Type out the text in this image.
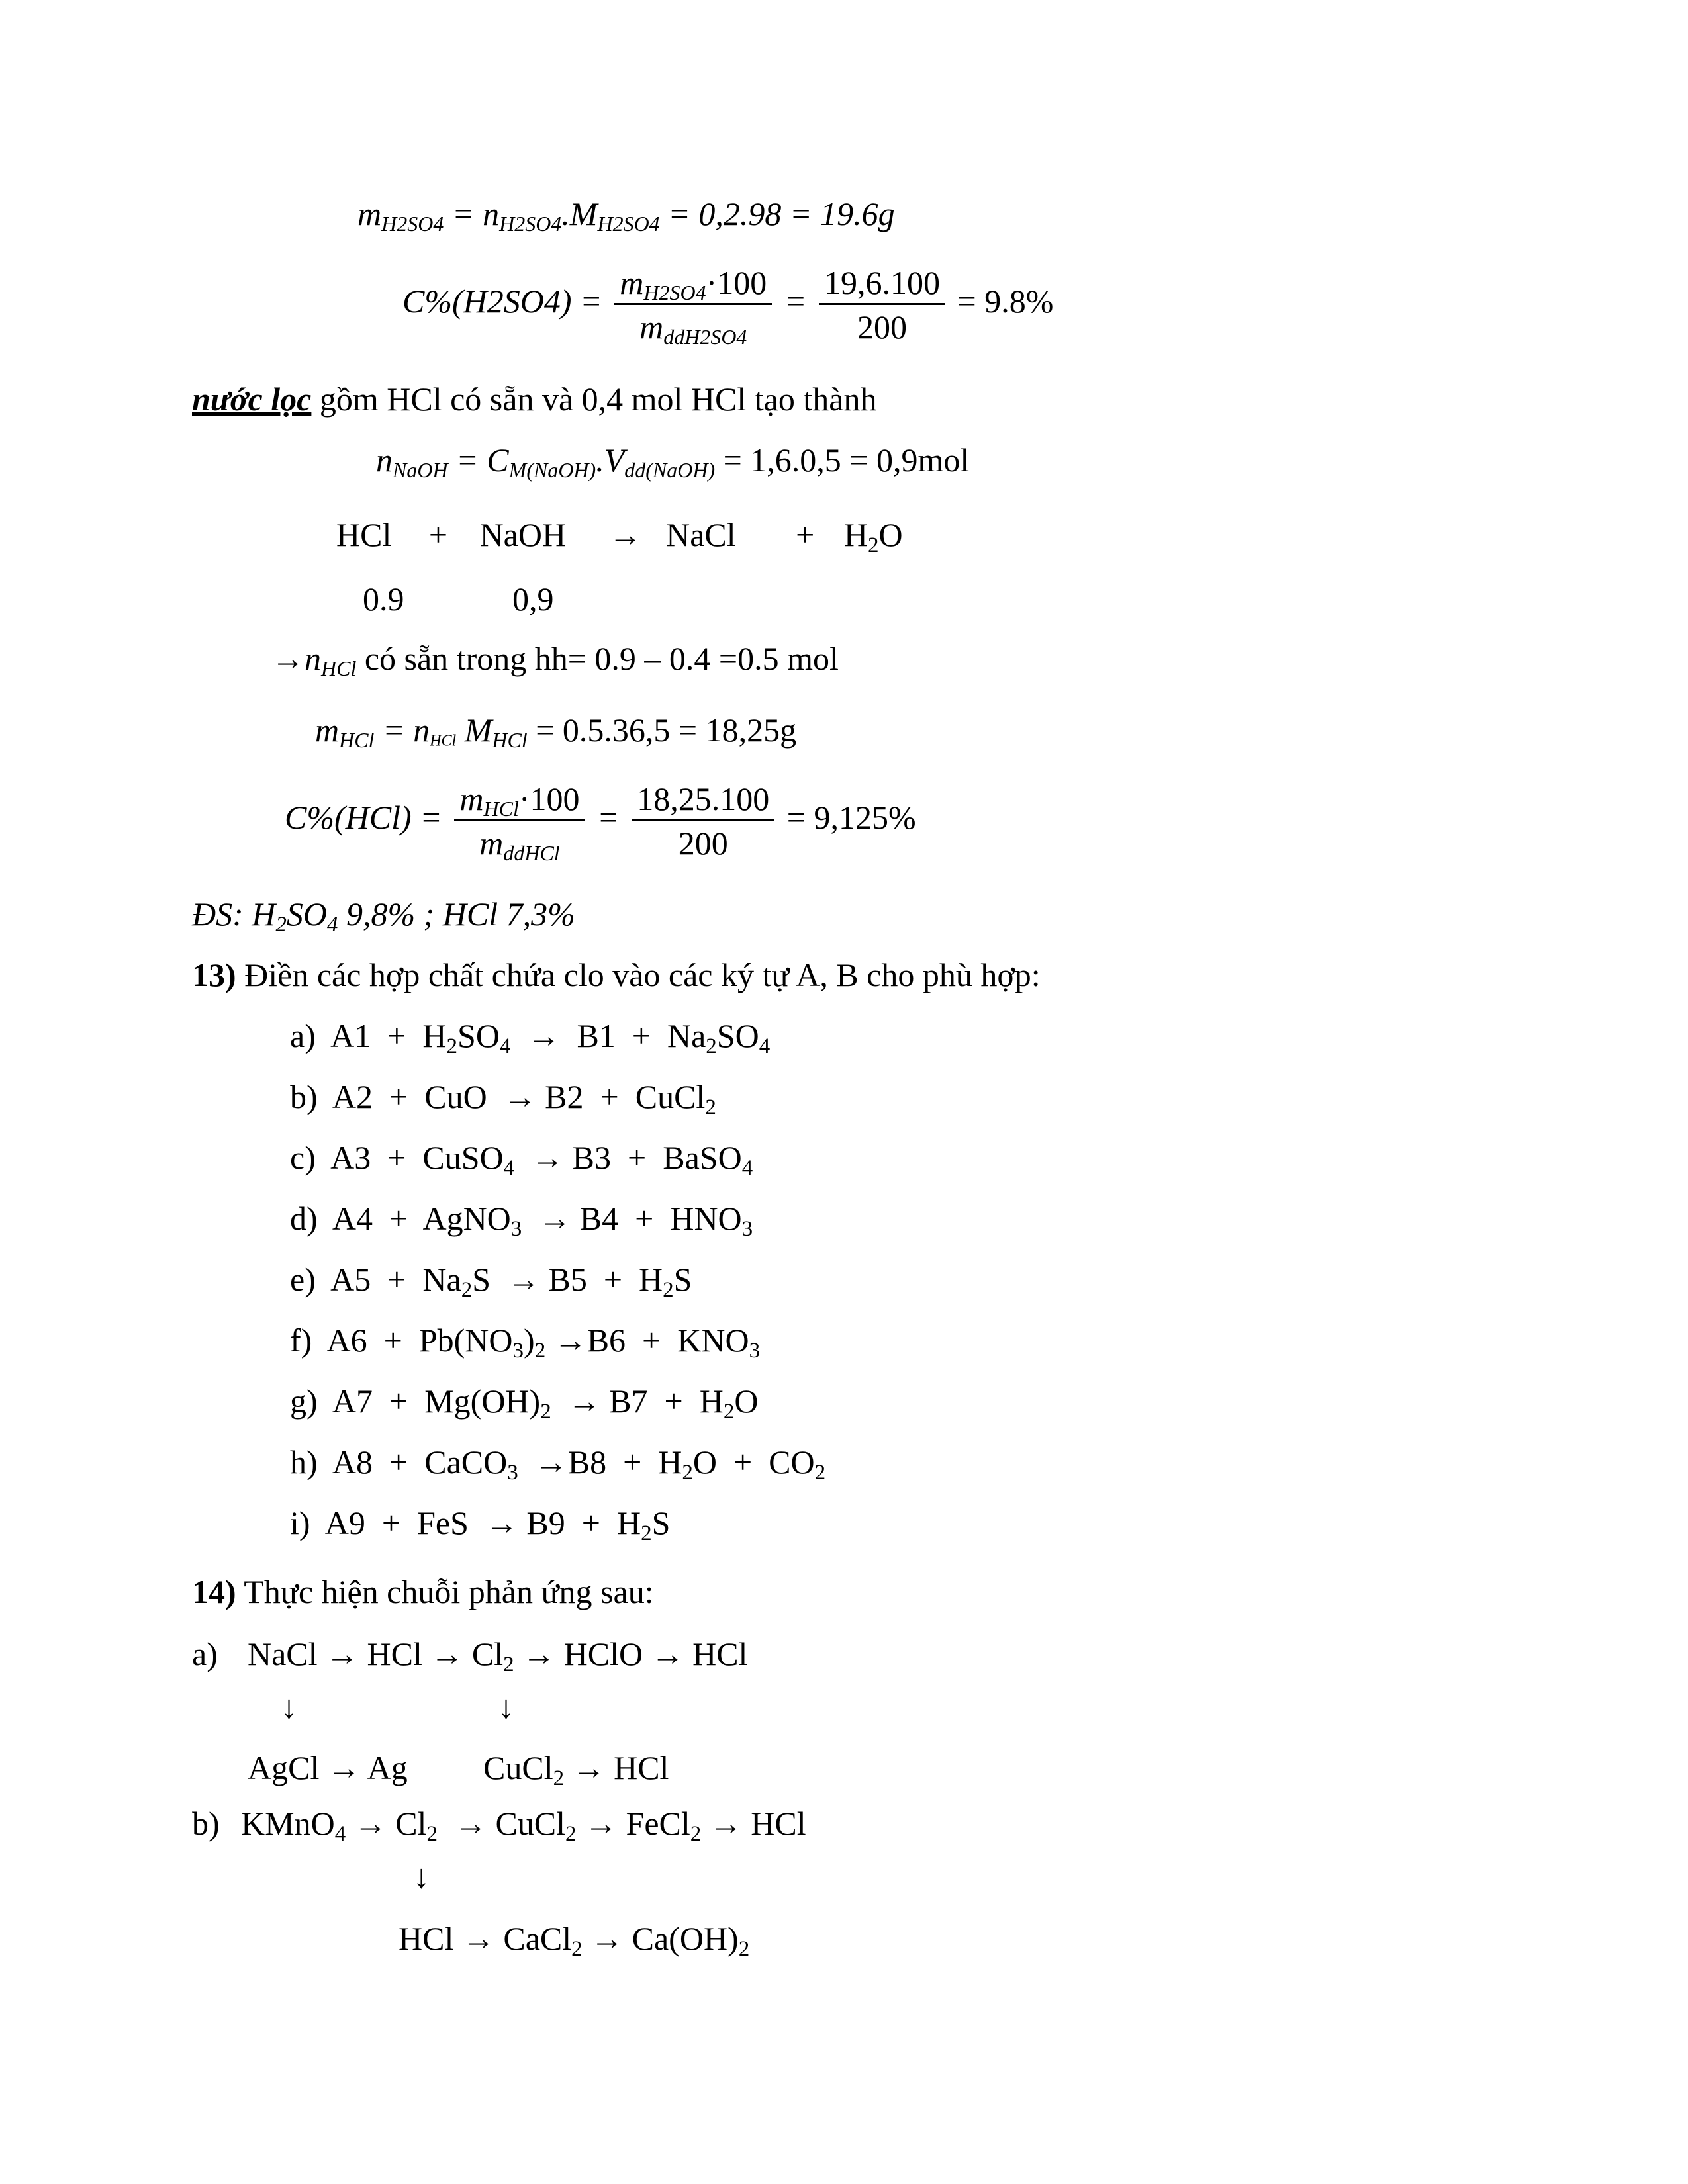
$m_{H2SO4} = n_{H2SO4}.M_{H2SO4} = 0,2.98 = 19.6g$
$C\%(H2SO4) = \frac{m_{H2SO4}\cdot 100}{m_{ddH2SO4}} = \frac{19,6.100}{200} = 9.8\%$
nước lọc gồm HCl có sẵn và 0,4 mol HCl tạo thành
$n_{NaOH} = C_{M(NaOH)}.V_{dd(NaOH)} = 1,6.0,5 = 0,9mol$
HCl + NaOH → NaCl + $H_2O$
0.9	0,9
$\to n_{HCl}$ có sẵn trong hh= 0.9 – 0.4 =0.5 mol
$m_{HCl} = n_{HCl}$ $M_{HCl} = 0.5.36,5 = 18,25g$
$C\%(HCl) = \frac{m_{HCl}\cdot 100}{m_{ddHCl}} = \frac{18,25.100}{200} = 9,125\%$
ĐS: $H_2SO_4$ 9,8% ; HCl 7,3%
13) Điền các hợp chất chứa clo vào các ký tự A, B cho phù hợp:
a)  $A1 + H_2SO_4 \to B1 + Na_2SO_4$
b)  A2  +  CuO  → B2  +  CuCl$_2$
c)  A3  +  CuSO$_4$  → B3  +  BaSO$_4$
d)  A4  +  AgNO$_3$  → $B4 + HNO_3$
e)  $A5 + Na_2S \to B5 + H_2S$
f)  $A6 + Pb(NO_3)_2 \to B6 + KNO_3$
g)  $A7 + Mg(OH)_2 \to B7 + H_2O$
h)  A8  +  CaCO$_3$  $\to B8 + H_2O + CO_2$
i)  A9  +  FeS  → $B9 + H_2S$
14) Thực hiện chuỗi phản ứng sau:
a) NaCl → HCl → $Cl_2$ → HClO → HCl
↓	↓
AgCl → Ag CuCl$_2$ → HCl
b) KMnO$_4$ → $Cl_2$  → CuCl$_2$ → FeCl$_2$ → HCl
↓
HCl → CaCl$_2$ → $Ca(OH)_2$
